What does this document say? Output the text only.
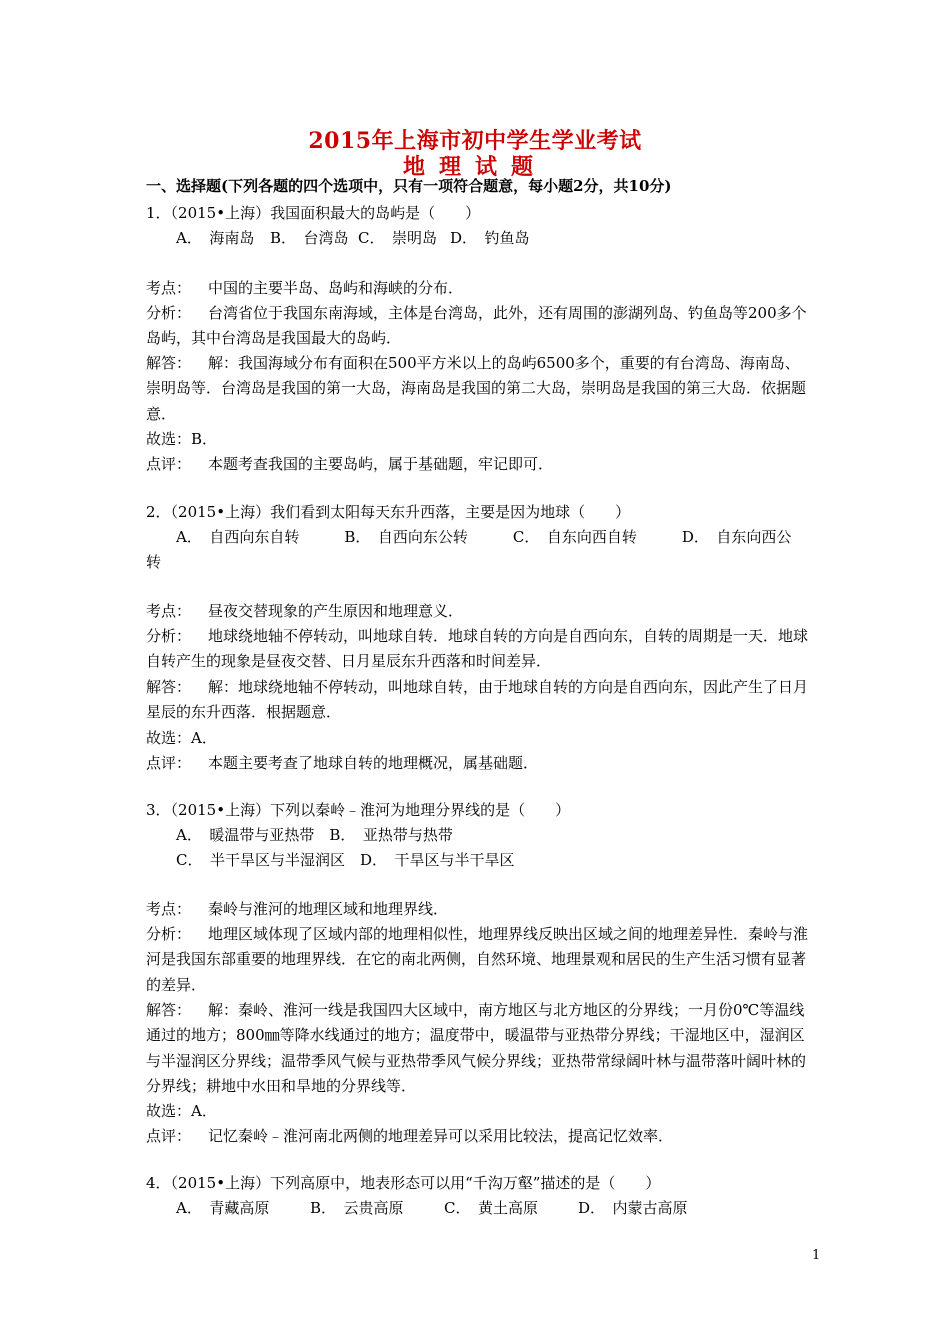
2015年上海市初中学生学业考试
地理试题
一、选择题(下列各题的四个选项中，只有一项符合题意，每小题2分，共10分)
1．（2015•上海）我国面积最大的岛屿是（　　）
A．　海南岛 B．　台湾岛 C．　崇明岛 D．　钓鱼岛
考点： 中国的主要半岛、岛屿和海峡的分布．
分析： 台湾省位于我国东南海域，主体是台湾岛，此外，还有周围的澎湖列岛、钓鱼岛等200多个岛屿，其中台湾岛是我国最大的岛屿．
解答： 解：我国海域分布有面积在500平方米以上的岛屿6500多个，重要的有台湾岛、海南岛、崇明岛等．台湾岛是我国的第一大岛，海南岛是我国的第二大岛，崇明岛是我国的第三大岛．依据题意．
故选：B．
点评： 本题考查我国的主要岛屿，属于基础题，牢记即可．
2．（2015•上海）我们看到太阳每天东升西落，主要是因为地球（　　）
A．　自西向东自转　　　B．　自西向东公转　　　C．　自东向西自转　　　D．　自东向西公
转
考点： 昼夜交替现象的产生原因和地理意义．
分析： 地球绕地轴不停转动，叫地球自转．地球自转的方向是自西向东，自转的周期是一天．地球自转产生的现象是昼夜交替、日月星辰东升西落和时间差异．
解答： 解：地球绕地轴不停转动，叫地球自转，由于地球自转的方向是自西向东，因此产生了日月星辰的东升西落．根据题意．
故选：A．
点评： 本题主要考查了地球自转的地理概况，属基础题．
3．（2015•上海）下列以秦岭﹣淮河为地理分界线的是（　　）
A．　暖温带与亚热带　B．　亚热带与热带
C．　半干旱区与半湿润区　D．　干旱区与半干旱区
考点： 秦岭与淮河的地理区域和地理界线．
分析： 地理区域体现了区域内部的地理相似性，地理界线反映出区域之间的地理差异性．秦岭与淮河是我国东部重要的地理界线．在它的南北两侧，自然环境、地理景观和居民的生产生活习惯有显著的差异．
解答： 解：秦岭、淮河一线是我国四大区域中，南方地区与北方地区的分界线；一月份0℃等温线通过的地方；800㎜等降水线通过的地方；温度带中，暖温带与亚热带分界线；干湿地区中，湿润区与半湿润区分界线；温带季风气候与亚热带季风气候分界线；亚热带常绿阔叶林与温带落叶阔叶林的分界线；耕地中水田和旱地的分界线等．
故选：A．
点评： 记忆秦岭﹣淮河南北两侧的地理差异可以采用比较法，提高记忆效率．
4．（2015•上海）下列高原中，地表形态可以用“千沟万壑”描述的是（　　）
A．　青藏高原	B．　云贵高原	C．　黄土高原	D．　内蒙古高原
1
